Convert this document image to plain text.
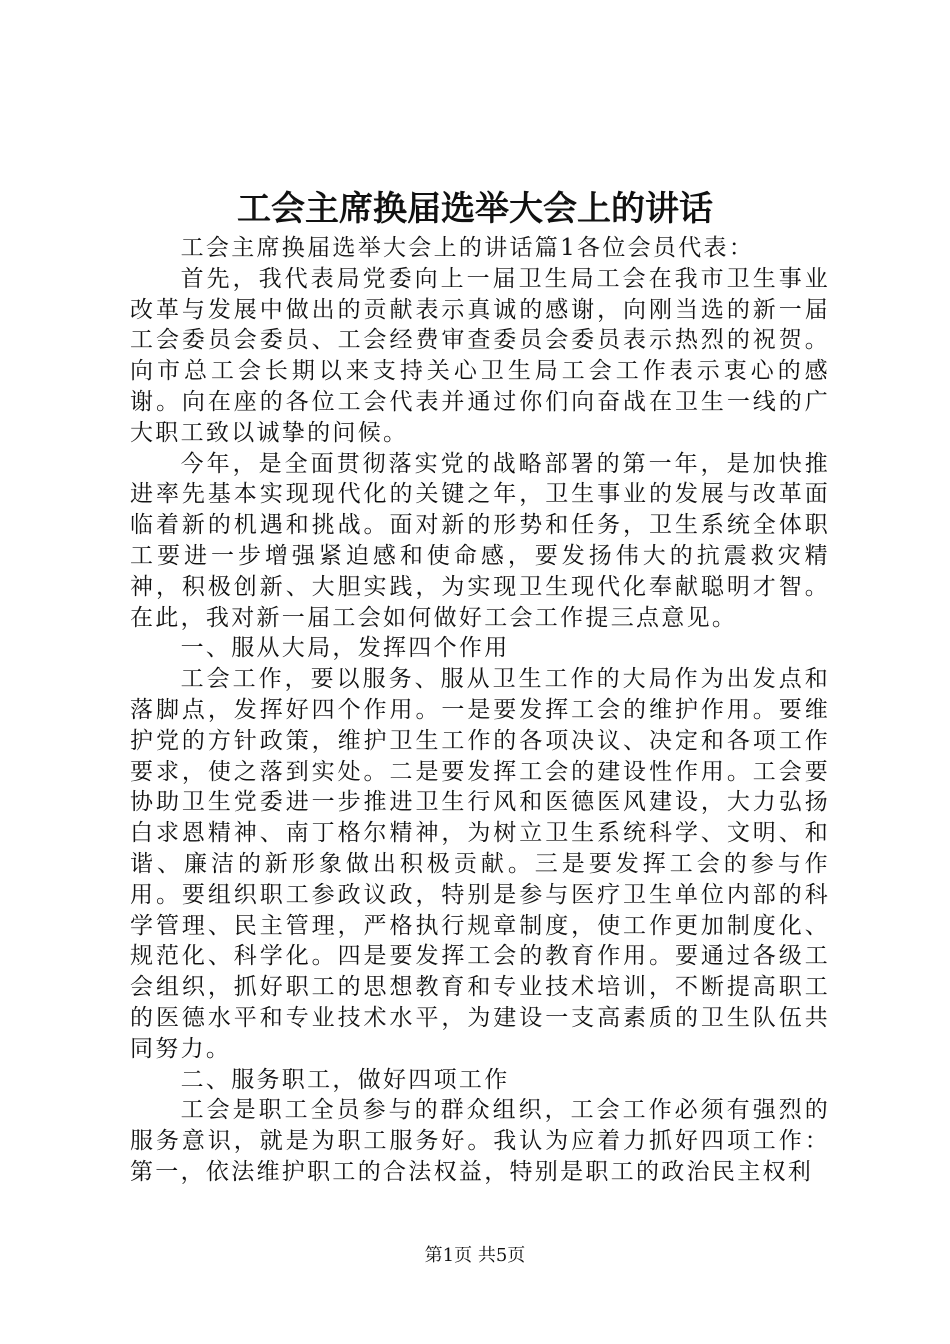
工会主席换届选举大会上的讲话

工会主席换届选举大会上的讲话篇1各位会员代表：

首先，我代表局党委向上一届卫生局工会在我市卫生事业改革与发展中做出的贡献表示真诚的感谢，向刚当选的新一届工会委员会委员、工会经费审查委员会委员表示热烈的祝贺。向市总工会长期以来支持关心卫生局工会工作表示衷心的感谢。向在座的各位工会代表并通过你们向奋战在卫生一线的广大职工致以诚挚的问候。

今年，是全面贯彻落实党的战略部署的第一年，是加快推进率先基本实现现代化的关键之年，卫生事业的发展与改革面临着新的机遇和挑战。面对新的形势和任务，卫生系统全体职工要进一步增强紧迫感和使命感，要发扬伟大的抗震救灾精神，积极创新、大胆实践，为实现卫生现代化奉献聪明才智。在此，我对新一届工会如何做好工会工作提三点意见。

一、服从大局，发挥四个作用

工会工作，要以服务、服从卫生工作的大局作为出发点和落脚点，发挥好四个作用。一是要发挥工会的维护作用。要维护党的方针政策，维护卫生工作的各项决议、决定和各项工作要求，使之落到实处。二是要发挥工会的建设性作用。工会要协助卫生党委进一步推进卫生行风和医德医风建设，大力弘扬白求恩精神、南丁格尔精神，为树立卫生系统科学、文明、和谐、廉洁的新形象做出积极贡献。三是要发挥工会的参与作用。要组织职工参政议政，特别是参与医疗卫生单位内部的科学管理、民主管理，严格执行规章制度，使工作更加制度化、规范化、科学化。四是要发挥工会的教育作用。要通过各级工会组织，抓好职工的思想教育和专业技术培训，不断提高职工的医德水平和专业技术水平，为建设一支高素质的卫生队伍共同努力。

二、服务职工，做好四项工作

工会是职工全员参与的群众组织，工会工作必须有强烈的服务意识，就是为职工服务好。我认为应着力抓好四项工作：第一，依法维护职工的合法权益，特别是职工的政治民主权利

第1页 共5页
